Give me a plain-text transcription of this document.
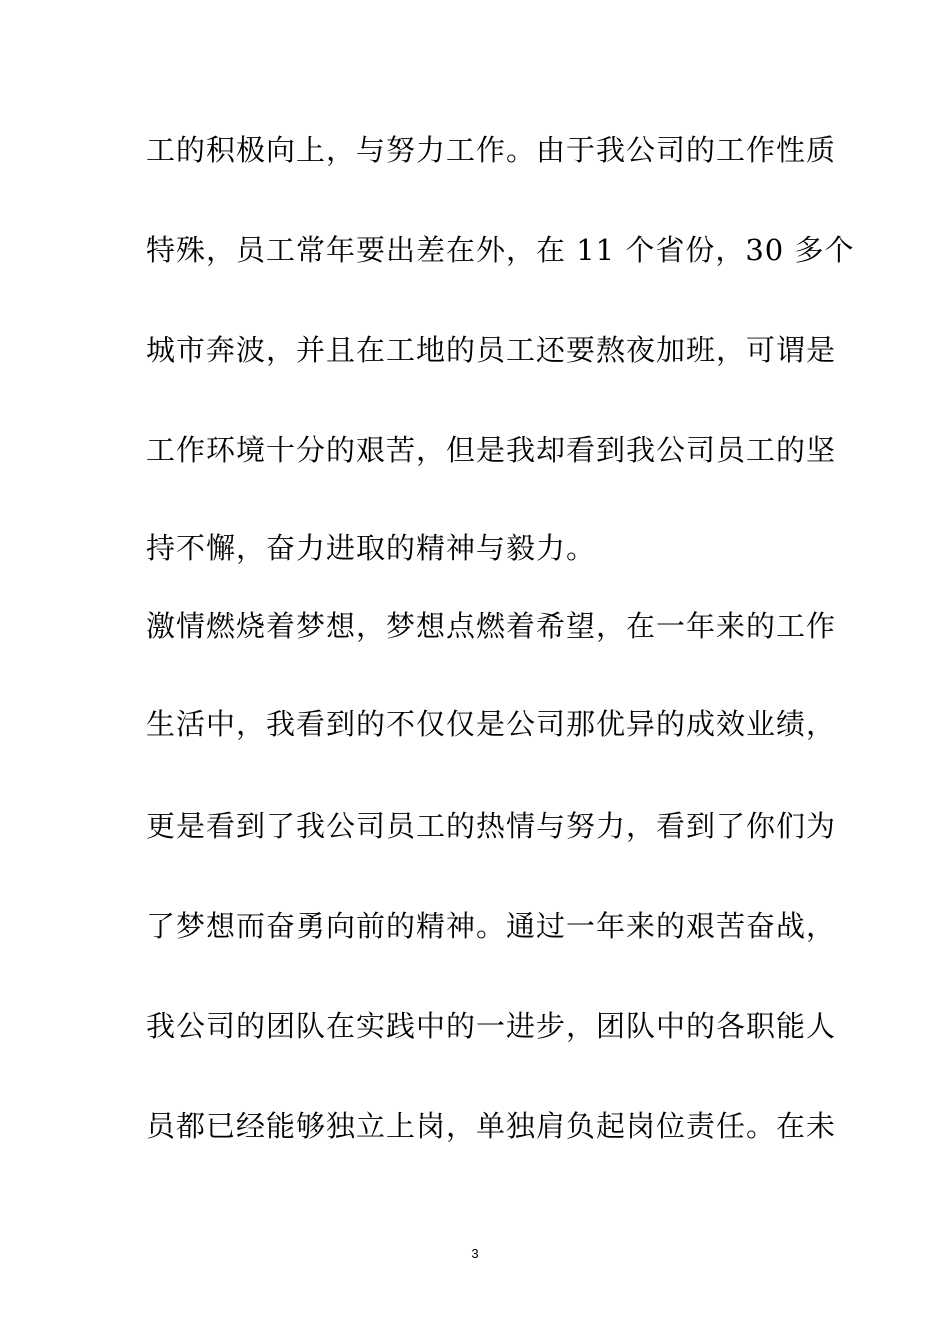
工的积极向上，与努力工作。由于我公司的工作性质
特殊，员工常年要出差在外，在 11 个省份，30 多个
城市奔波，并且在工地的员工还要熬夜加班，可谓是
工作环境十分的艰苦，但是我却看到我公司员工的坚
持不懈，奋力进取的精神与毅力。
激情燃烧着梦想，梦想点燃着希望，在一年来的工作
生活中，我看到的不仅仅是公司那优异的成效业绩，
更是看到了我公司员工的热情与努力，看到了你们为
了梦想而奋勇向前的精神。通过一年来的艰苦奋战，
我公司的团队在实践中的一进步，团队中的各职能人
员都已经能够独立上岗，单独肩负起岗位责任。在未
3
